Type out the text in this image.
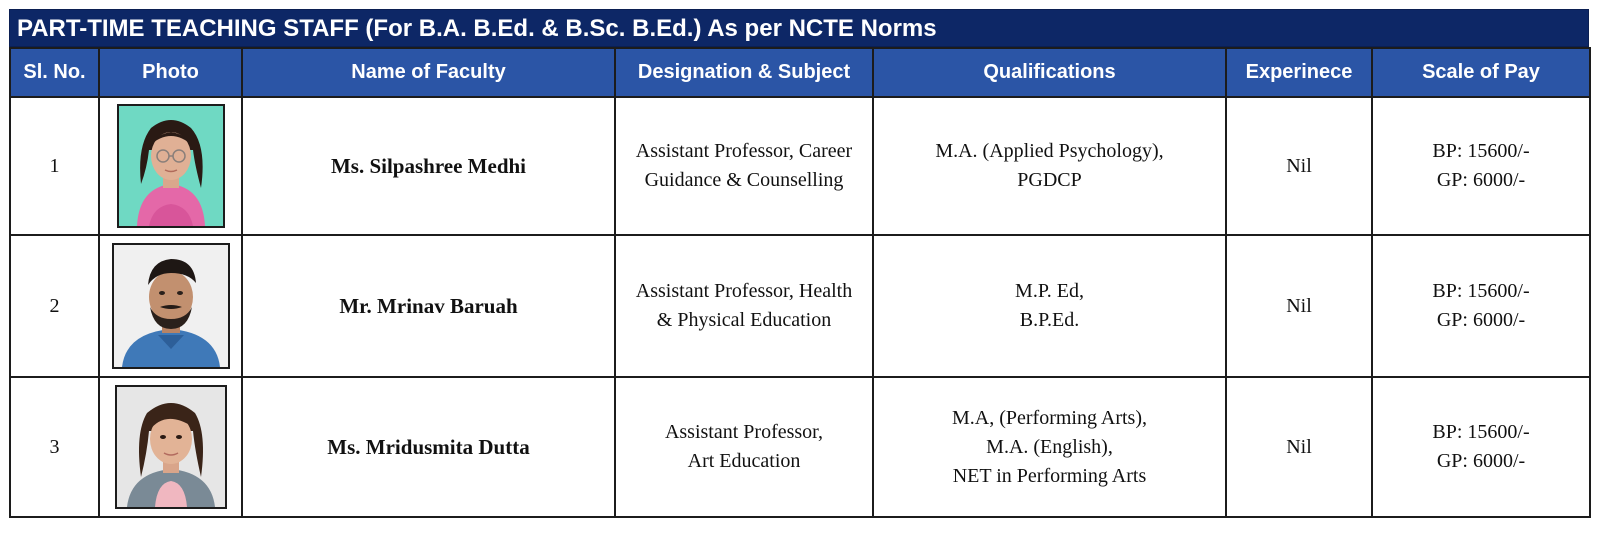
PART-TIME TEACHING STAFF (For B.A. B.Ed. & B.Sc. B.Ed.) As per NCTE Norms
Sl. No.	Photo	Name of Faculty	Designation & Subject	Qualifications	Experinece	Scale of Pay
1		Ms. Silpashree Medhi	Assistant Professor, Career
Guidance & Counselling	M.A. (Applied Psychology),
PGDCP	Nil	BP: 15600/-
GP: 6000/-

2		Mr. Mrinav Baruah	Assistant Professor, Health
& Physical Education	M.P. Ed,
B.P.Ed.	Nil	BP: 15600/-
GP: 6000/-

3		Ms. Mridusmita Dutta	Assistant Professor,
Art Education	M.A, (Performing Arts),
M.A. (English),
NET in Performing Arts	Nil	BP: 15600/-
GP: 6000/-
